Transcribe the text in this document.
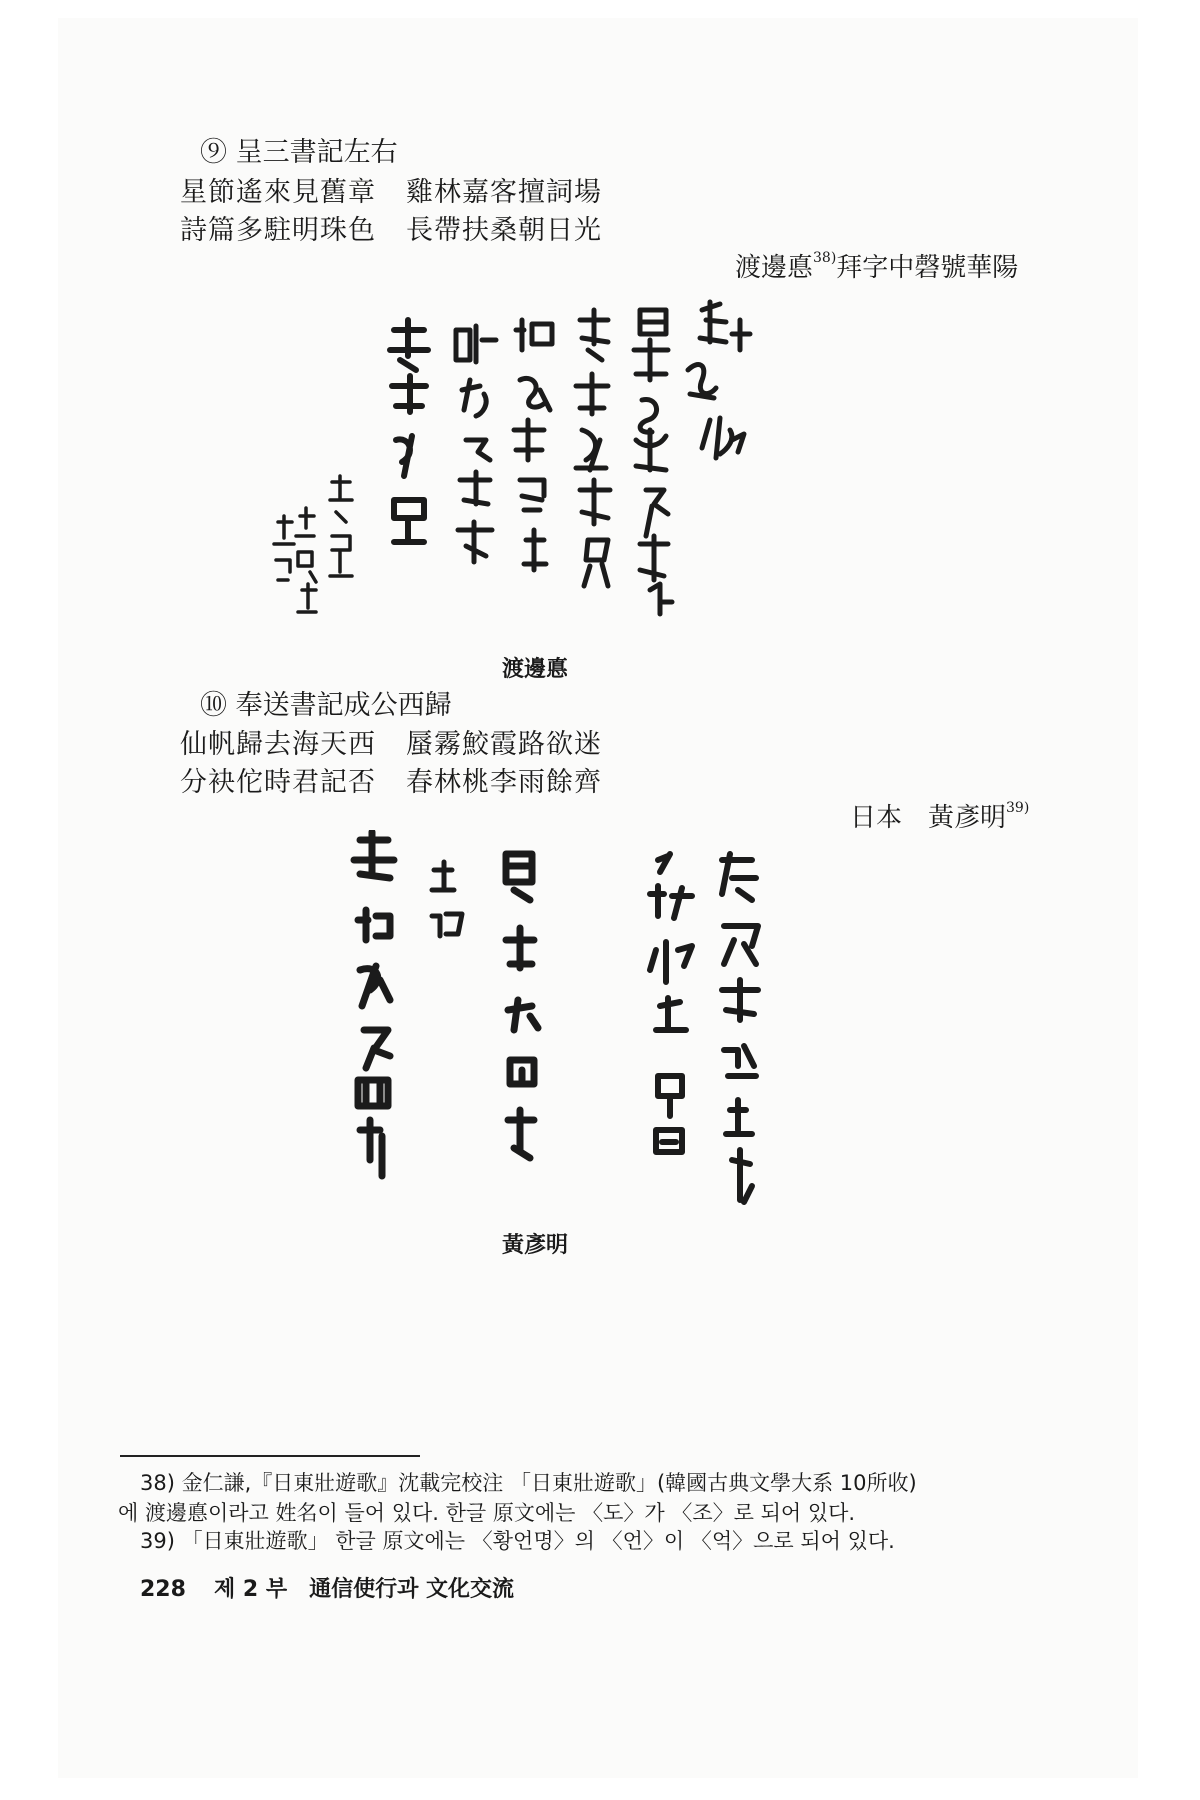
⑨ 呈三書記左右
星節遙來見舊章 雞林嘉客擅詞場
詩篇多駐明珠色 長帶扶桑朝日光
渡邊悳$^{38)}$拜字中磬號華陽
渡邊悳
⑩ 奉送書記成公西歸
仙帆歸去海天西 蜃霧鮫霞路欲迷
分袂佗時君記否 春林桃李雨餘齊
日本　黃彥明$^{39)}$
黃彥明
38) 金仁謙,『日東壯遊歌』沈載完校注 「日東壯遊歌」(韓國古典文學大系 10所收)
에 渡邊悳이라고 姓名이 들어 있다. 한글 原文에는 〈도〉가 〈조〉로 되어 있다.
39) 「日東壯遊歌」 한글 原文에는 〈황언명〉의 〈언〉이 〈억〉으로 되어 있다.
228 제 2 부 通信使行과 文化交流
